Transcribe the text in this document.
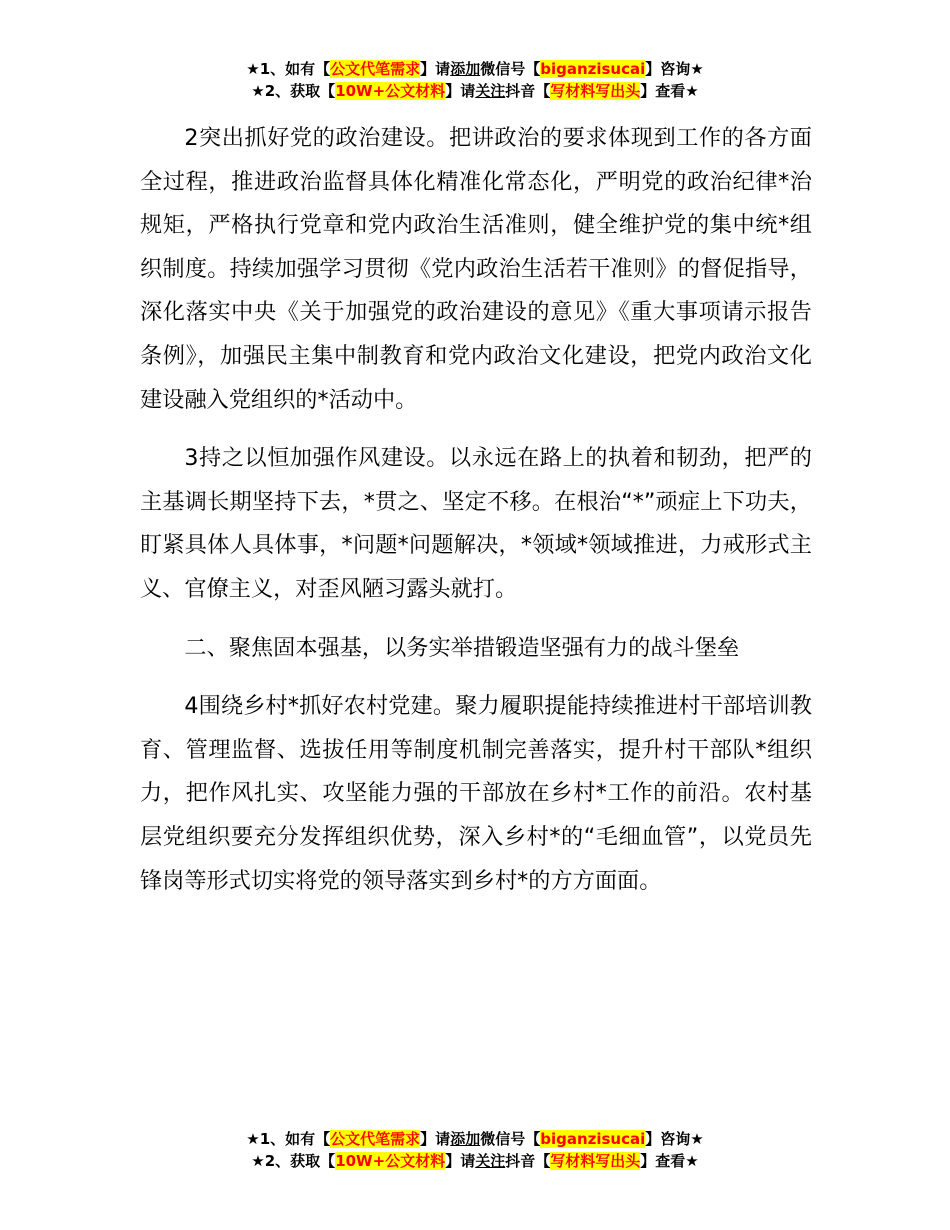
★1、如有【公文代笔需求】请添加微信号【biganzisucai】咨询★
★2、获取【10W+公文材料】请关注抖音【写材料写出头】查看★

2突出抓好党的政治建设。把讲政治的要求体现到工作的各方面全过程，推进政治监督具体化精准化常态化，严明党的政治纪律*治规矩，严格执行党章和党内政治生活准则，健全维护党的集中统*组织制度。持续加强学习贯彻《党内政治生活若干准则》的督促指导，深化落实中央《关于加强党的政治建设的意见》《重大事项请示报告条例》，加强民主集中制教育和党内政治文化建设，把党内政治文化建设融入党组织的*活动中。

3持之以恒加强作风建设。以永远在路上的执着和韧劲，把严的主基调长期坚持下去，*贯之、坚定不移。在根治“*”顽症上下功夫，盯紧具体人具体事，*问题*问题解决，*领域*领域推进，力戒形式主义、官僚主义，对歪风陋习露头就打。

二、聚焦固本强基，以务实举措锻造坚强有力的战斗堡垒

4围绕乡村*抓好农村党建。聚力履职提能持续推进村干部培训教育、管理监督、选拔任用等制度机制完善落实，提升村干部队*组织力，把作风扎实、攻坚能力强的干部放在乡村*工作的前沿。农村基层党组织要充分发挥组织优势，深入乡村*的“毛细血管”，以党员先锋岗等形式切实将党的领导落实到乡村*的方方面面。

★1、如有【公文代笔需求】请添加微信号【biganzisucai】咨询★
★2、获取【10W+公文材料】请关注抖音【写材料写出头】查看★
